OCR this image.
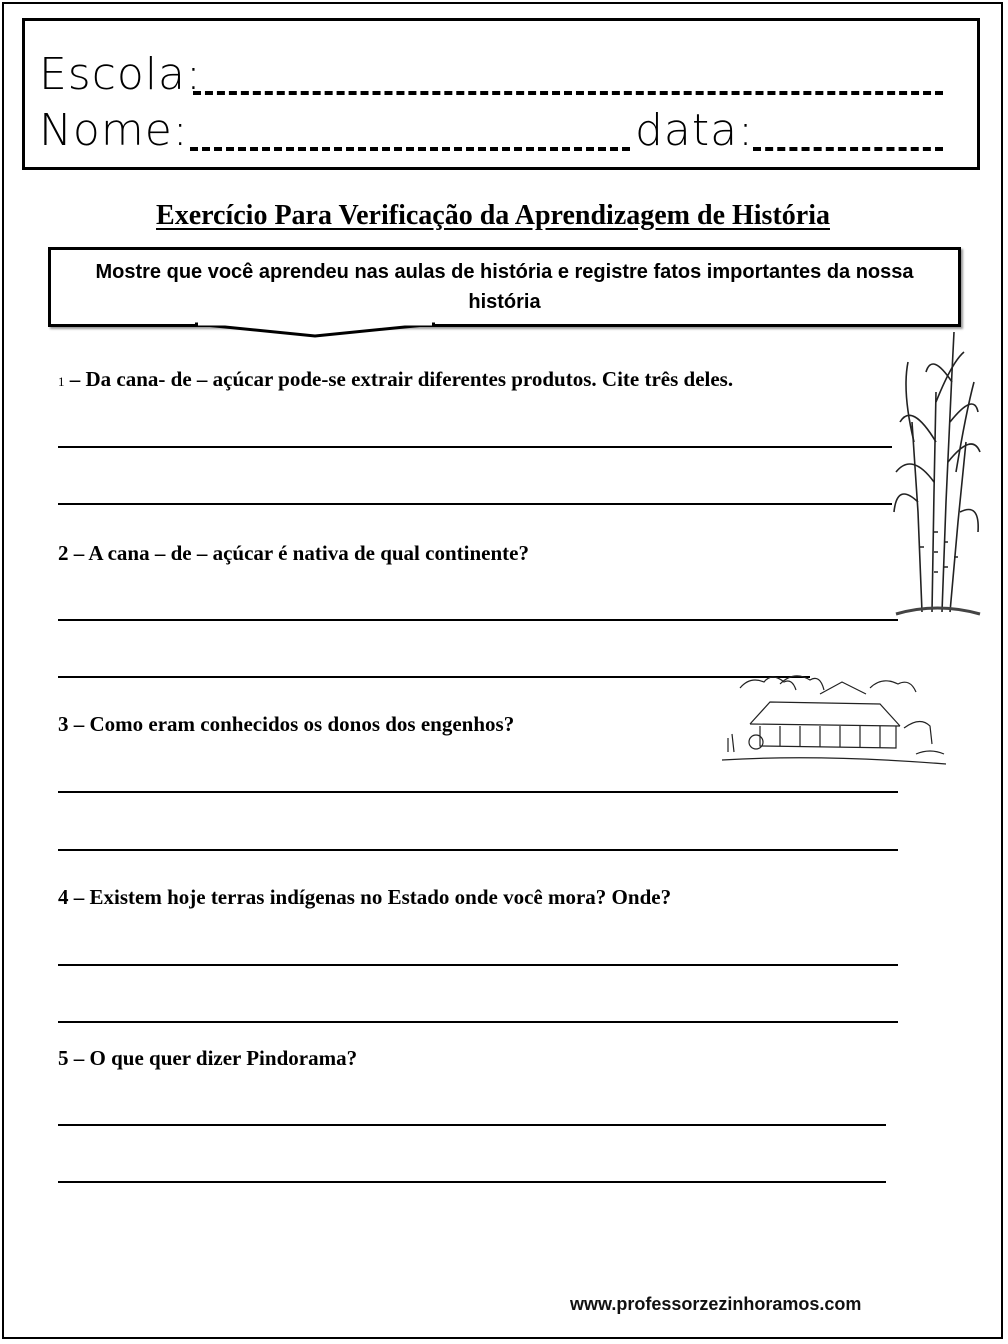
Escola:
Nome:	data:
Exercício Para Verificação da Aprendizagem de História
Mostre que você aprendeu nas aulas de história e registre fatos importantes da nossa história
1 – Da cana- de – açúcar pode-se extrair diferentes produtos. Cite três deles.
2 – A cana – de – açúcar é nativa de qual continente?
3 – Como eram conhecidos os donos dos engenhos?
4 – Existem hoje terras indígenas no Estado onde você mora? Onde?
5 – O que quer dizer Pindorama?
www.professorzezinhoramos.com
